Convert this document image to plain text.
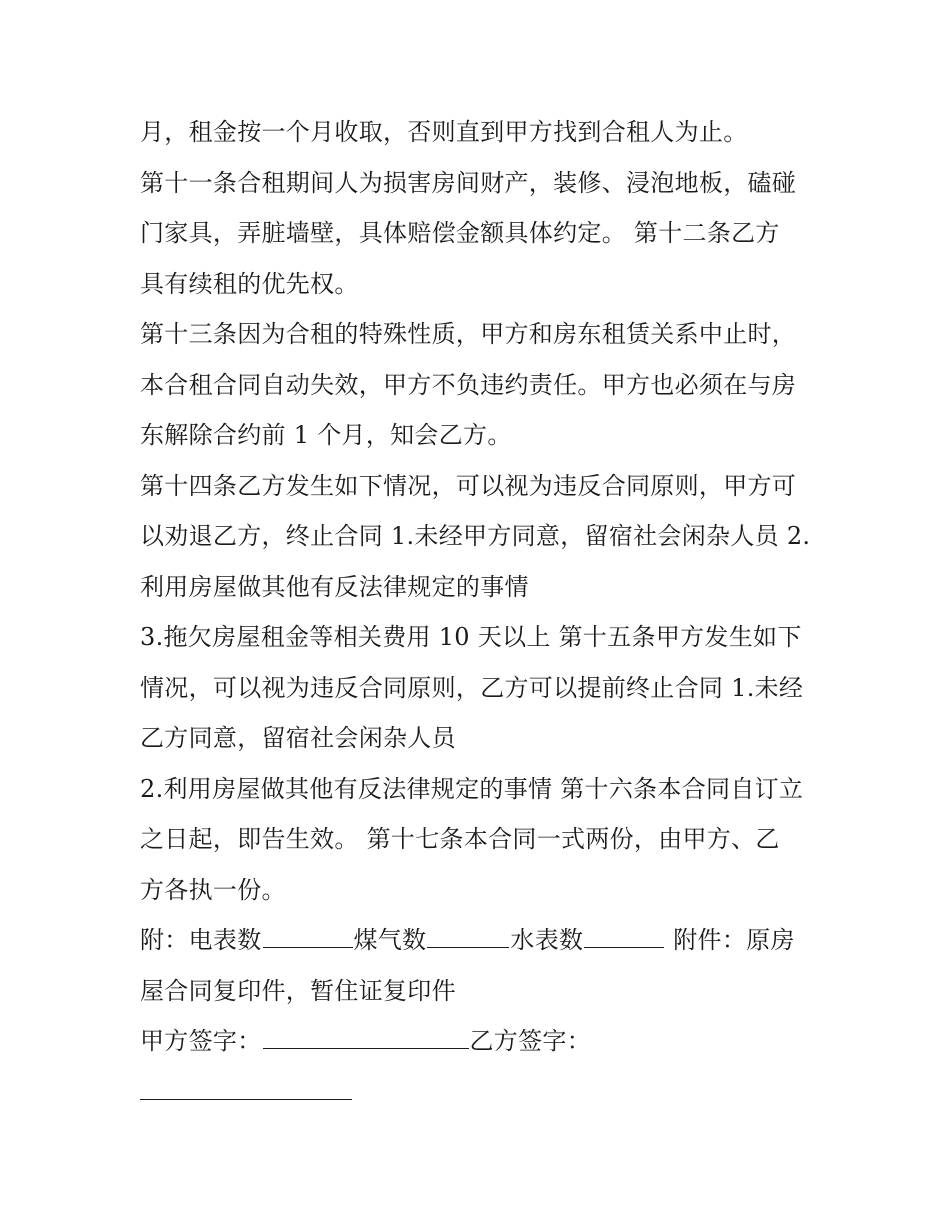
月，租金按一个月收取，否则直到甲方找到合租人为止。
第十一条合租期间人为损害房间财产，装修、浸泡地板，磕碰
门家具，弄脏墙壁，具体赔偿金额具体约定。 第十二条乙方
具有续租的优先权。
第十三条因为合租的特殊性质，甲方和房东租赁关系中止时，
本合租合同自动失效，甲方不负违约责任。甲方也必须在与房
东解除合约前 1 个月，知会乙方。
第十四条乙方发生如下情况，可以视为违反合同原则，甲方可
以劝退乙方，终止合同 1.未经甲方同意，留宿社会闲杂人员 2.
利用房屋做其他有反法律规定的事情
3.拖欠房屋租金等相关费用 10 天以上 第十五条甲方发生如下
情况，可以视为违反合同原则，乙方可以提前终止合同 1.未经
乙方同意，留宿社会闲杂人员
2.利用房屋做其他有反法律规定的事情 第十六条本合同自订立
之日起，即告生效。 第十七条本合同一式两份，由甲方、乙
方各执一份。
附：电表数	煤气数	水表数	附件：原房
屋合同复印件，暂住证复印件
甲方签字：	乙方签字：
